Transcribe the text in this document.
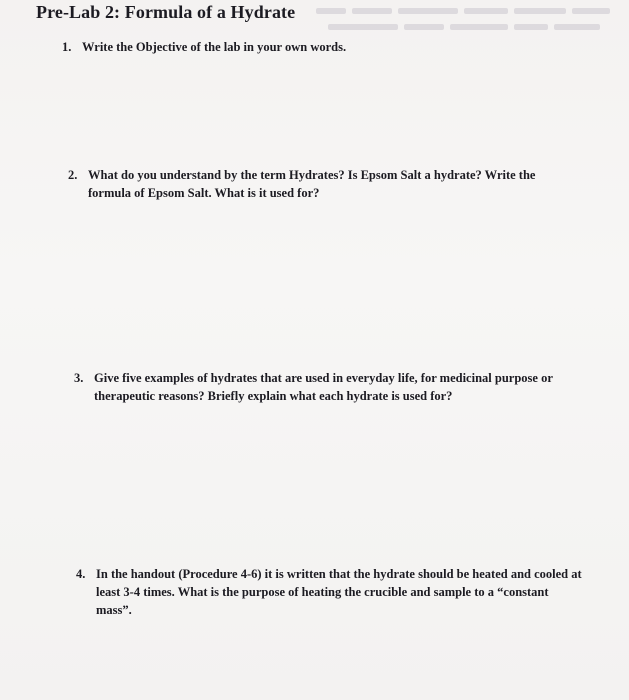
Pre-Lab 2: Formula of a Hydrate
1. Write the Objective of the lab in your own words.
2. What do you understand by the term Hydrates? Is Epsom Salt a hydrate? Write the formula of Epsom Salt. What is it used for?
3. Give five examples of hydrates that are used in everyday life, for medicinal purpose or therapeutic reasons? Briefly explain what each hydrate is used for?
4. In the handout (Procedure 4-6) it is written that the hydrate should be heated and cooled at least 3-4 times. What is the purpose of heating the crucible and sample to a “constant mass”.
